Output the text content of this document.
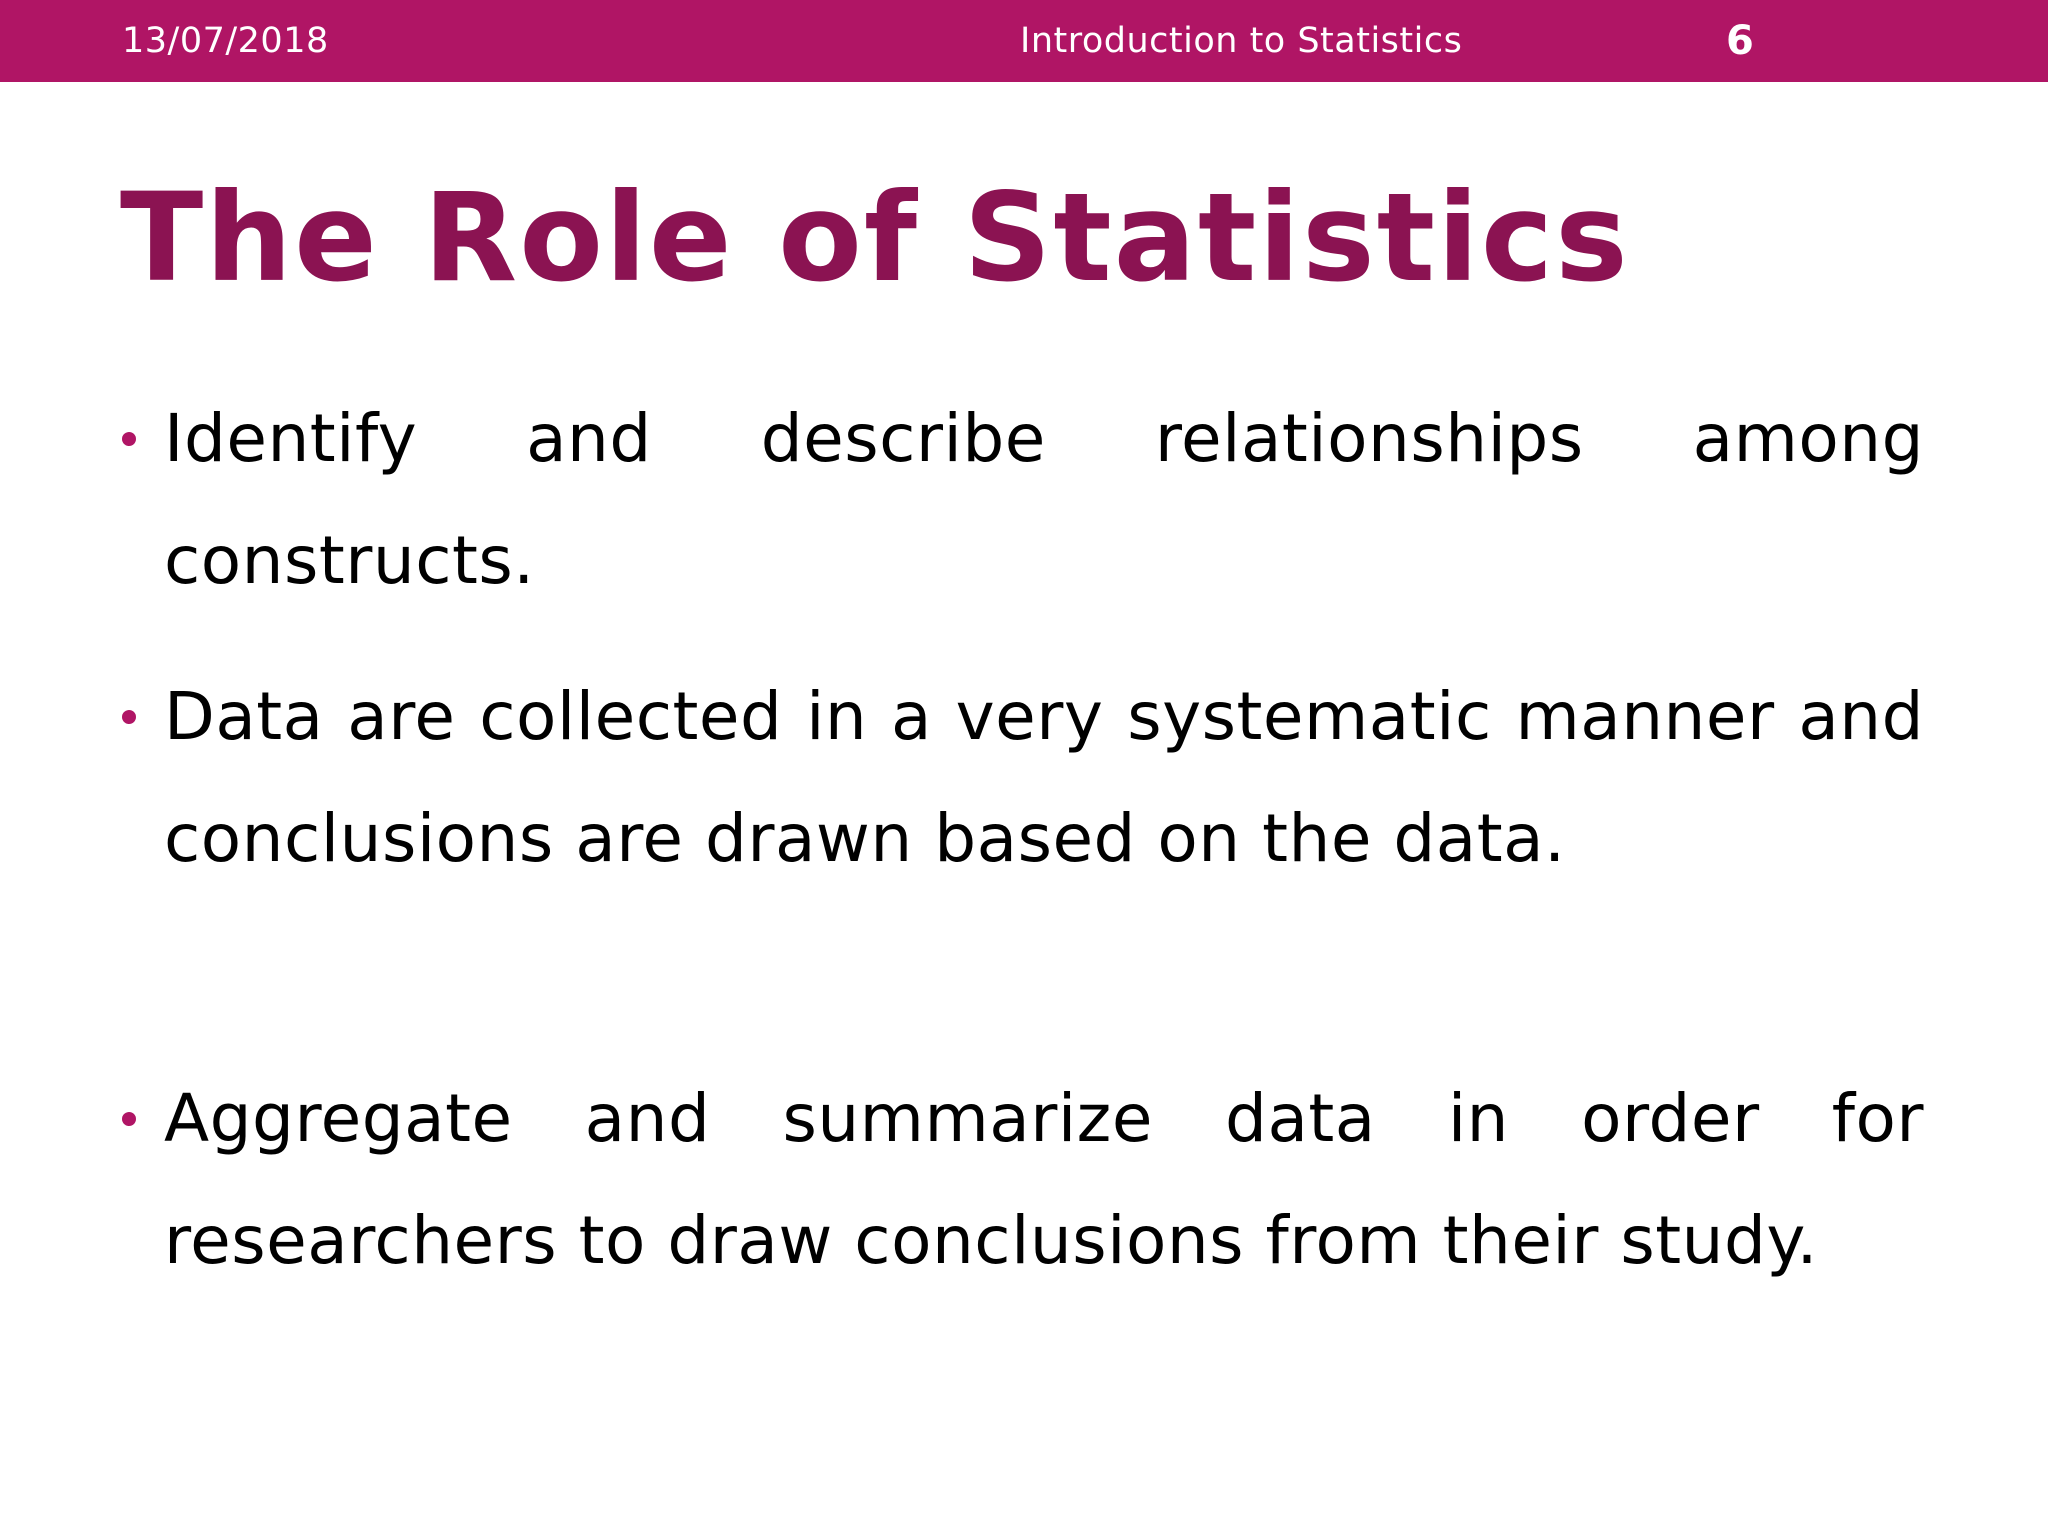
13/07/2018	Introduction to Statistics	6
The Role of Statistics
Identify and describe relationships among constructs.
Data are collected in a very systematic manner and conclusions are drawn based on the data.
Aggregate and summarize data in order for researchers to draw conclusions from their study.
